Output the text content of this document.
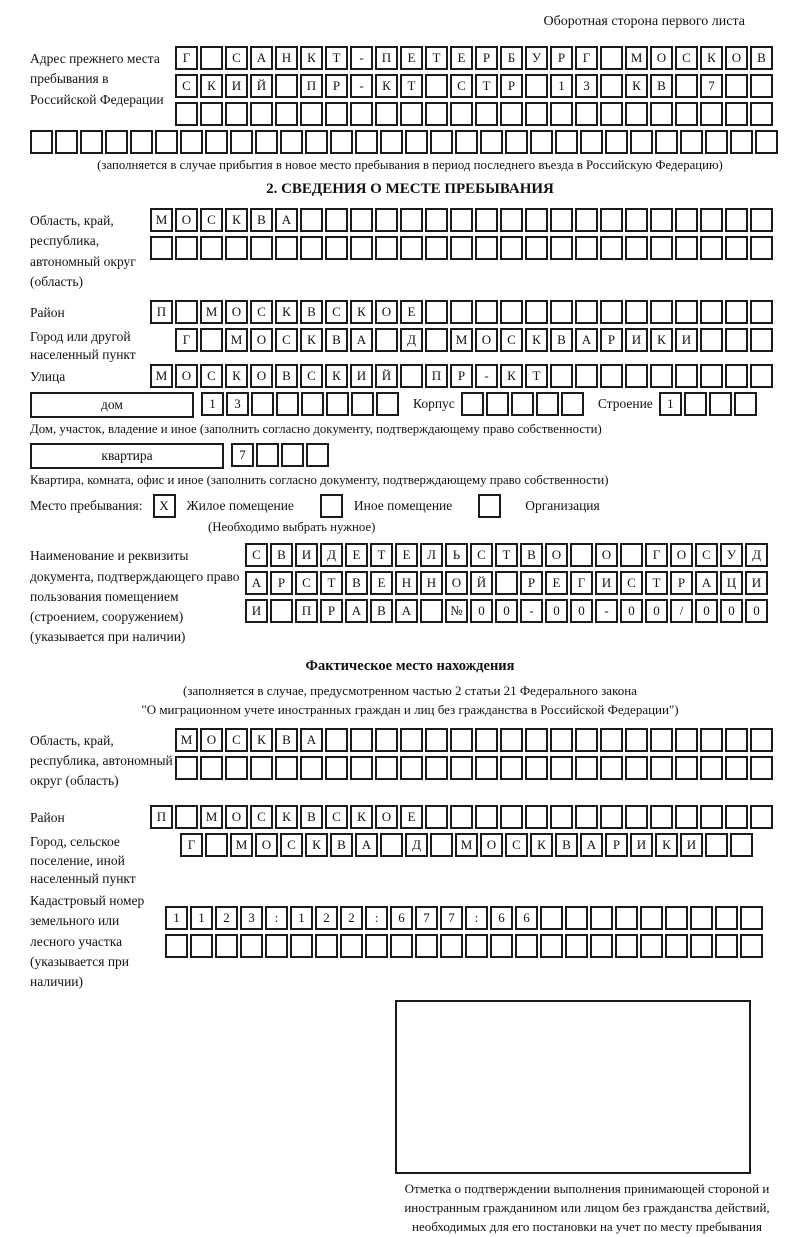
Оборотная сторона первого листа
Адрес прежнего места пребывания в Российской Федерации
Г	С А Н К Т - П Е Т Е Р Б У Р Г	М О С К О В
С К И Й	П Р - К Т	С Т Р	1 3	К В	7

(заполняется в случае прибытия в новое место пребывания в период последнего въезда в Российскую Федерацию)
2. СВЕДЕНИЯ О МЕСТЕ ПРЕБЫВАНИЯ
Область, край, республика, автономный округ (область)
М О С К В А

Район	П	М О С К В С К О Е
Город или другой населенный пункт
Г	М О С К В А	Д	М О С К В А Р И К И
Улица	М О С К О В С К И Й	П Р - К Т
дом	1 3	Корпус
	Строение	1
Дом, участок, владение и иное (заполнить согласно документу, подтверждающему право собственности)
квартира	7
Квартира, комната, офис и иное (заполнить согласно документу, подтверждающему право собственности)
Место пребывания:	X	Жилое помещение
	Иное помещение
	Организация
(Необходимо выбрать нужное)
Наименование и реквизиты документа, подтверждающего право пользования помещением (строением, сооружением) (указывается при наличии)
С В И Д Е Т Е Л Ь С Т В О	О	Г О С У Д
А Р С Т В Е Н Н О Й	Р Е Г И С Т Р А Ц И
И	П Р А В А	№ 0 0 - 0 0 - 0 0 / 0 0 0
Фактическое место нахождения
(заполняется в случае, предусмотренном частью 2 статьи 21 Федерального закона
"О миграционном учете иностранных граждан и лиц без гражданства в Российской Федерации")
Область, край, республика, автономный округ (область)
М О С К В А

Район	П	М О С К В С К О Е
Город, сельское поселение, иной населенный пункт
Г	М О С К В А	Д	М О С К В А Р И К И
Кадастровый номер земельного или лесного участка (указывается при наличии)
1 1 2 3 : 1 2 2 : 6 7 7 : 6 6

Отметка о подтверждении выполнения принимающей стороной и иностранным гражданином или лицом без гражданства действий, необходимых для его постановки на учет по месту пребывания
